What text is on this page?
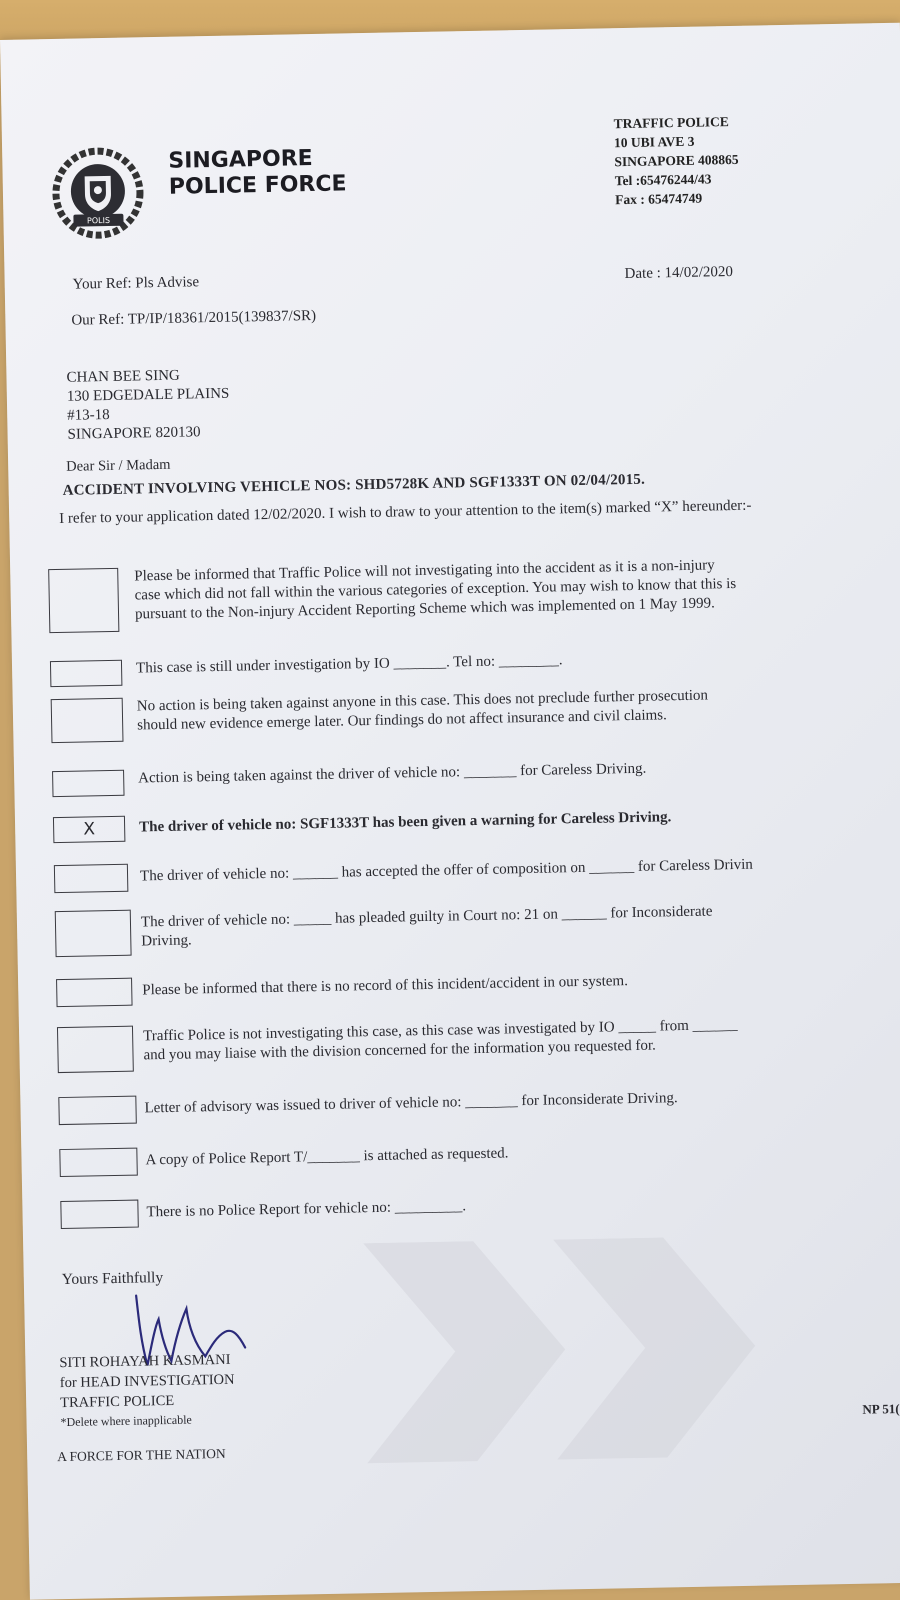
POLIS
SINGAPORE
POLICE FORCE
TRAFFIC POLICE
10 UBI AVE 3
SINGAPORE 408865
Tel :65476244/43
Fax : 65474749
Your Ref: Pls Advise
Our Ref: TP/IP/18361/2015(139837/SR)
Date : 14/02/2020
CHAN BEE SING
130 EDGEDALE PLAINS
#13-18
SINGAPORE 820130
Dear Sir / Madam
ACCIDENT INVOLVING VEHICLE NOS: SHD5728K AND SGF1333T ON 02/04/2015.
I refer to your application dated 12/02/2020. I wish to draw to your attention to the item(s) marked “X” hereunder:-
Please be informed that Traffic Police will not investigating into the accident as it is a non-injury
case which did not fall within the various categories of exception. You may wish to know that this is
pursuant to the Non-injury Accident Reporting Scheme which was implemented on 1 May 1999.
This case is still under investigation by IO _______. Tel no: ________.
No action is being taken against anyone in this case. This does not preclude further prosecution
should new evidence emerge later. Our findings do not affect insurance and civil claims.
Action is being taken against the driver of vehicle no: _______ for Careless Driving.
X	The driver of vehicle no: SGF1333T has been given a warning for Careless Driving.
The driver of vehicle no: ______ has accepted the offer of composition on ______ for Careless Drivin
The driver of vehicle no: _____ has pleaded guilty in Court no: 21 on ______ for Inconsiderate
Driving.
Please be informed that there is no record of this incident/accident in our system.
Traffic Police is not investigating this case, as this case was investigated by IO _____ from ______
and you may liaise with the division concerned for the information you requested for.
Letter of advisory was issued to driver of vehicle no: _______ for Inconsiderate Driving.
A copy of Police Report T/_______ is attached as requested.
There is no Police Report for vehicle no: _________.
Yours Faithfully
SITI ROHAYAH KASMANI
for HEAD INVESTIGATION
TRAFFIC POLICE
*Delete where inapplicable
A FORCE FOR THE NATION
NP 51(
